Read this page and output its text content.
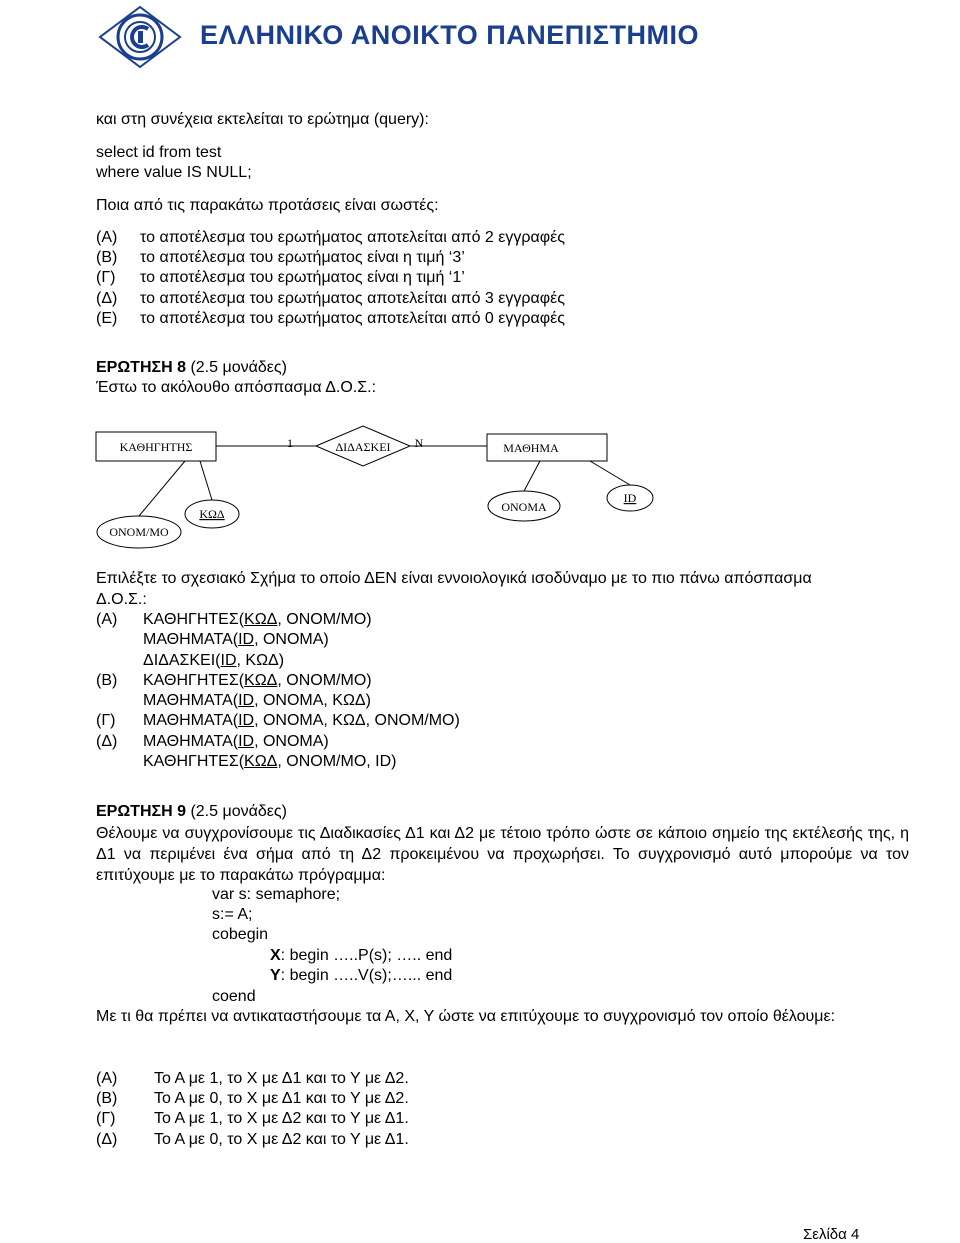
ΕΛΛΗΝΙΚΟ ΑΝΟΙΚΤΟ ΠΑΝΕΠΙΣΤΗΜΙΟ
και στη συνέχεια εκτελείται το ερώτημα (query):
select id from test
where value IS NULL;
Ποια από τις παρακάτω προτάσεις είναι σωστές:
(Α) το αποτέλεσμα του ερωτήματος αποτελείται από 2 εγγραφές
(Β) το αποτέλεσμα του ερωτήματος είναι η τιμή ‘3’
(Γ) το αποτέλεσμα του ερωτήματος είναι η τιμή ‘1’
(Δ) το αποτέλεσμα του ερωτήματος αποτελείται από 3 εγγραφές
(Ε) το αποτέλεσμα του ερωτήματος αποτελείται από 0 εγγραφές
ΕΡΩΤΗΣΗ 8 (2.5 μονάδες)
Έστω το ακόλουθο απόσπασμα Δ.Ο.Σ.:
ΚΑΘΗΓΗΤΗΣ	ΜΑΘΗΜΑ
ΔΙΔΑΣΚΕΙ
1	N
ΟΝΟΜ/ΜΟ
ΚΩΔ	ΟΝΟΜΑ
ID
Επιλέξτε το σχεσιακό Σχήμα το οποίο ΔΕΝ είναι εννοιολογικά ισοδύναμο με το πιο πάνω απόσπασμα
Δ.Ο.Σ.:
(Α) ΚΑΘΗΓΗΤΕΣ(ΚΩΔ, ΟΝΟΜ/ΜΟ)
ΜΑΘΗΜΑΤΑ(ID, ΟΝΟΜΑ)
ΔΙΔΑΣΚΕΙ(ID, ΚΩΔ)
(Β) ΚΑΘΗΓΗΤΕΣ(ΚΩΔ, ΟΝΟΜ/ΜΟ)
ΜΑΘΗΜΑΤΑ(ID, ΟΝΟΜΑ, ΚΩΔ)
(Γ) ΜΑΘΗΜΑΤΑ(ID, ΟΝΟΜΑ, ΚΩΔ, ΟΝΟΜ/ΜΟ)
(Δ) ΜΑΘΗΜΑΤΑ(ID, ΟΝΟΜΑ)
ΚΑΘΗΓΗΤΕΣ(ΚΩΔ, ΟΝΟΜ/ΜΟ, ID)
ΕΡΩΤΗΣΗ 9 (2.5 μονάδες)
Θέλουμε να συγχρονίσουμε τις Διαδικασίες Δ1 και Δ2 με τέτοιο τρόπο ώστε σε κάποιο σημείο της εκτέλεσής της, η Δ1 να περιμένει ένα σήμα από τη Δ2 προκειμένου να προχωρήσει. Το συγχρονισμό αυτό μπορούμε να τον επιτύχουμε με το παρακάτω πρόγραμμα:
var s: semaphore;
s:= A;
cobegin
X: begin …..P(s); ….. end
Y: begin …..V(s);…... end
coend
Με τι θα πρέπει να αντικαταστήσουμε τα Α, Χ, Υ ώστε να επιτύχουμε το συγχρονισμό τον οποίο θέλουμε:
(Α) Το Α με 1, το Χ με Δ1 και το Υ με Δ2.
(Β) Το Α με 0, το Χ με Δ1 και το Υ με Δ2.
(Γ) Το Α με 1, το Χ με Δ2 και το Υ με Δ1.
(Δ) Το Α με 0, το Χ με Δ2 και το Υ με Δ1.
Σελίδα 4
